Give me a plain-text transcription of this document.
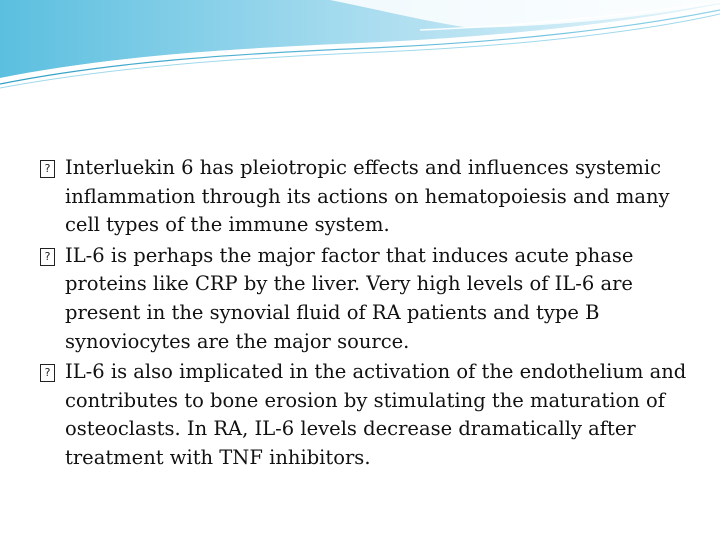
? Interluekin 6 has pleiotropic effects and influences systemic inflammation through its actions on hematopoiesis and many cell types of the immune system.
? IL-6 is perhaps the major factor that induces acute phase proteins like CRP by the liver. Very high levels of IL-6 are present in the synovial fluid of RA patients and type B synoviocytes are the major source.
? IL-6 is also implicated in the activation of the endothelium and contributes to bone erosion by stimulating the maturation of osteoclasts. In RA, IL-6 levels decrease dramatically after treatment with TNF inhibitors.
